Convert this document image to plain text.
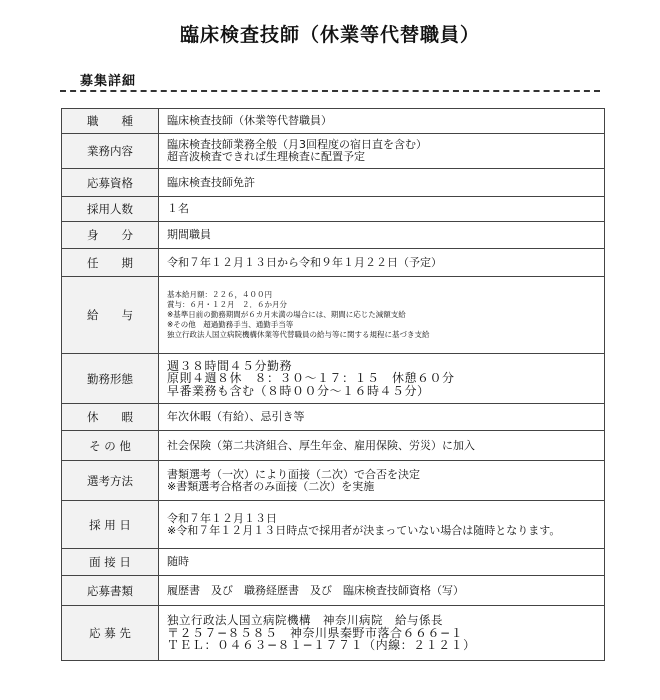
臨床検査技師（休業等代替職員）
募集詳細
職　　種	臨床検査技師（休業等代替職員）

業務内容	臨床検査技師業務全般（月3回程度の宿日直を含む）
超音波検査できれば生理検査に配置予定

応募資格	臨床検査技師免許

採用人数	１名

身　　分	期間職員

任　　期	令和７年１２月１３日から令和９年１月２２日（予定）

給　　与	基本給月額：２２６，４００円
賞与：６月・１２月　２．６か月分
※基準日前の勤務期間が６カ月未満の場合には、期間に応じた減額支給
※その他　超過勤務手当、通勤手当等
独立行政法人国立病院機構休業等代替職員の給与等に関する規程に基づき支給

勤務形態	週３８時間４５分勤務
原則４週８休　８：３０〜１７：１５　休憩６０分
早番業務も含む（８時００分〜１６時４５分）

休　　暇	年次休暇（有給）、忌引き等

そ の 他	社会保険（第二共済組合、厚生年金、雇用保険、労災）に加入

選考方法	書類選考（一次）により面接（二次）で合否を決定
※書類選考合格者のみ面接（二次）を実施

採 用 日	令和７年１２月１３日
※令和７年１２月１３日時点で採用者が決まっていない場合は随時となります。

面 接 日	随時

応募書類	履歴書　及び　職務経歴書　及び　臨床検査技師資格（写）

応 募 先	独立行政法人国立病院機構　神奈川病院　給与係長
〒２５７−８５８５　神奈川県秦野市落合６６６−１
ＴＥＬ：０４６３−８１−１７７１（内線：２１２１）
